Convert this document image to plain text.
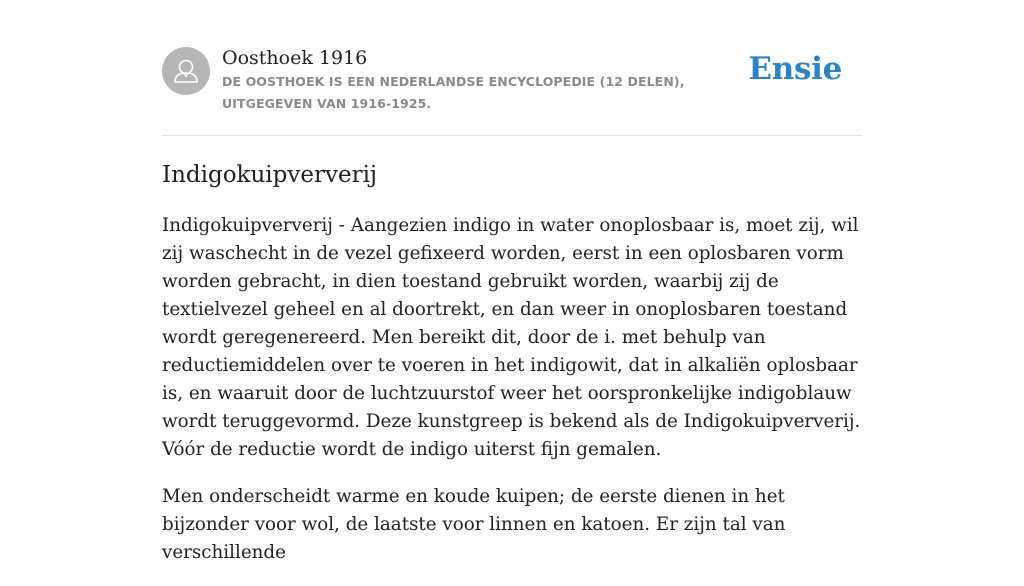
Oosthoek 1916
DE OOSTHOEK IS EEN NEDERLANDSE ENCYCLOPEDIE (12 DELEN), UITGEGEVEN VAN 1916-1925.
Ensie
Indigokuipververij

Indigokuipververij - Aangezien indigo in water onoplosbaar is, moet zij, wil zij waschecht in de vezel gefixeerd worden, eerst in een oplosbaren vorm worden gebracht, in dien toestand gebruikt worden, waarbij zij de textielvezel geheel en al doortrekt, en dan weer in onoplosbaren toestand wordt geregenereerd. Men bereikt dit, door de i. met behulp van reductiemiddelen over te voeren in het indigowit, dat in alkaliën oplosbaar is, en waaruit door de luchtzuurstof weer het oorspronkelijke indigoblauw wordt teruggevormd. Deze kunstgreep is bekend als de Indigokuipververij. Vóór de reductie wordt de indigo uiterst fijn gemalen.

Men onderscheidt warme en koude kuipen; de eerste dienen in het bijzonder voor wol, de laatste voor linnen en katoen. Er zijn tal van verschillende
